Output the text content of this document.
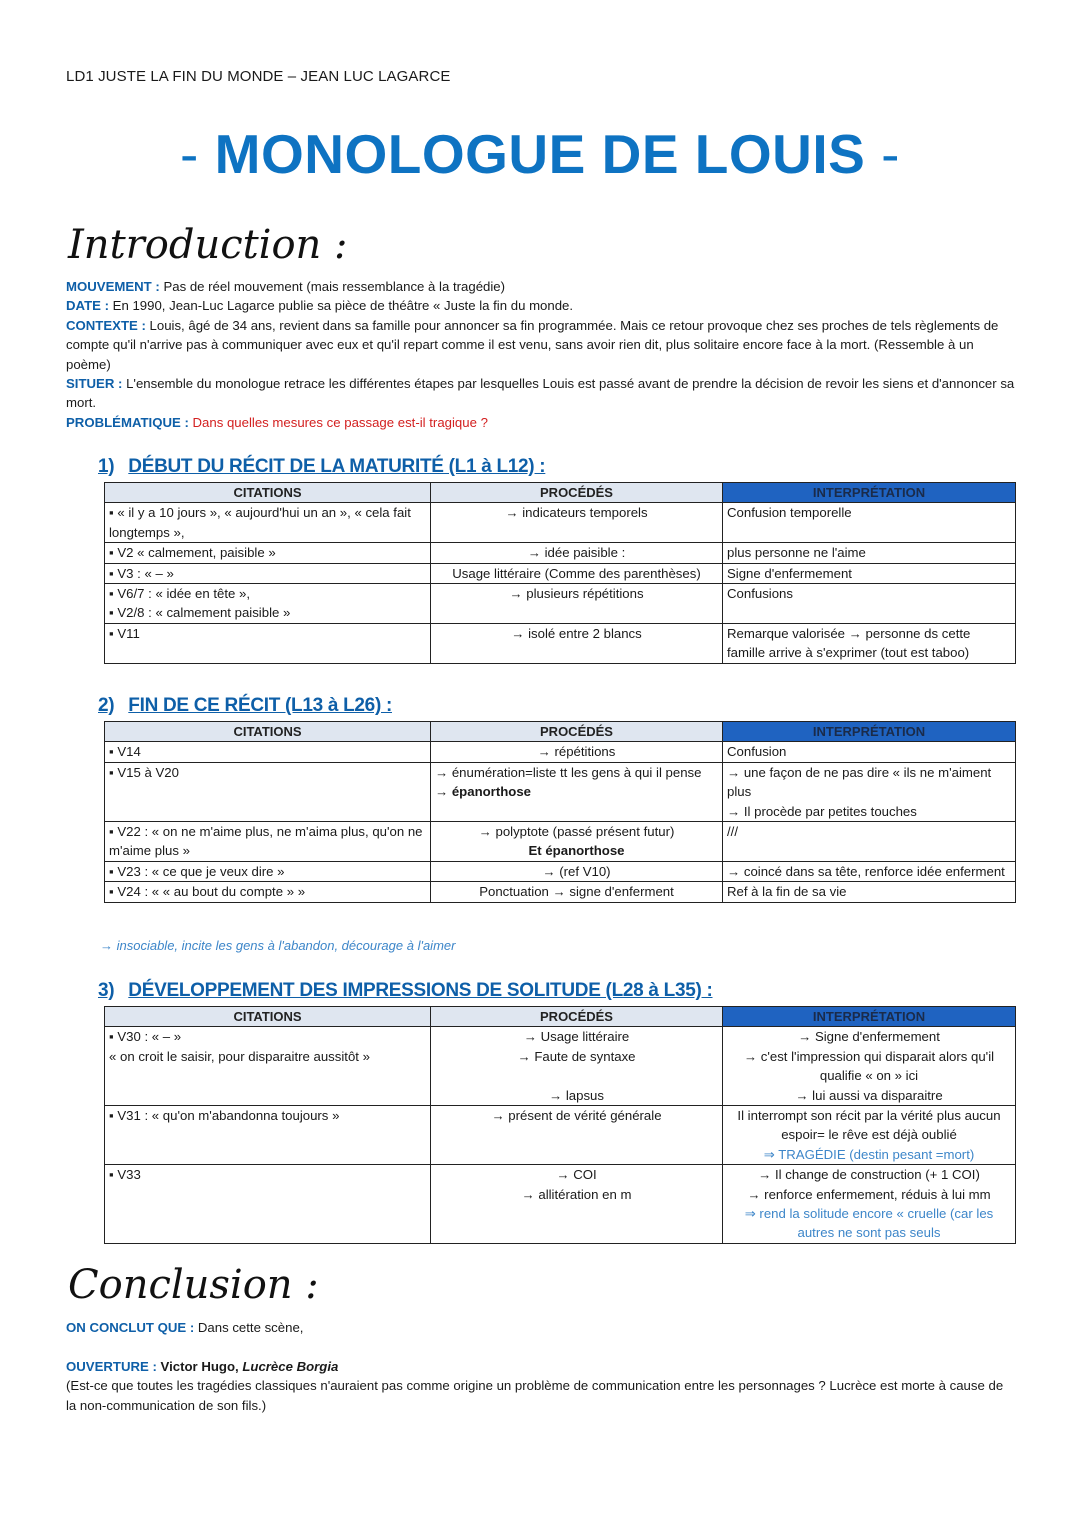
LD1 JUSTE LA FIN DU MONDE – JEAN LUC LAGARCE
- MONOLOGUE DE LOUIS -
Introduction :

MOUVEMENT : Pas de réel mouvement (mais ressemblance à la tragédie)

DATE : En 1990, Jean-Luc Lagarce publie sa pièce de théâtre « Juste la fin du monde.

CONTEXTE : Louis, âgé de 34 ans, revient dans sa famille pour annoncer sa fin programmée. Mais ce retour provoque chez ses proches de tels règlements de compte qu'il n'arrive pas à communiquer avec eux et qu'il repart comme il est venu, sans avoir rien dit, plus solitaire encore face à la mort. (Ressemble à un poème)

SITUER : L'ensemble du monologue retrace les différentes étapes par lesquelles Louis est passé avant de prendre la décision de revoir les siens et d'annoncer sa mort.

PROBLÉMATIQUE : Dans quelles mesures ce passage est-il tragique ?

1) DÉBUT DU RÉCIT DE LA MATURITÉ (L1 à L12) :
CITATIONS	PROCÉDÉS	INTERPRÉTATION
▪ « il y a 10 jours », « aujourd'hui un an », « cela fait longtemps »,	→ indicateurs temporels	Confusion temporelle
▪ V2 « calmement, paisible »	→ idée paisible :	plus personne ne l'aime
▪ V3 : « – »	Usage littéraire (Comme des parenthèses)	Signe d'enfermement

▪ V6/7 : « idée en tête »,
▪ V2/8 : « calmement paisible »	→ plusieurs répétitions	Confusions
▪ V11	→ isolé entre 2 blancs	Remarque valorisée → personne ds cette famille arrive à s'exprimer (tout est taboo)
2) FIN DE CE RÉCIT (L13 à L26) :
CITATIONS	PROCÉDÉS	INTERPRÉTATION
▪ V14	→ répétitions	Confusion
▪ V15 à V20	→ énumération=liste tt les gens à qui il pense
→ épanorthose	→ une façon de ne pas dire « ils ne m'aiment plus
→ Il procède par petites touches

▪ V22 : « on ne m'aime plus, ne m'aima plus, qu'on ne m'aime plus »	→ polyptote (passé présent futur)
Et épanorthose	///
▪ V23 : « ce que je veux dire »	→ (ref V10)	→ coincé dans sa tête, renforce idée enferment
▪ V24 : « « au bout du compte » »	Ponctuation → signe d'enferment	Ref à la fin de sa vie
→ insociable, incite les gens à l'abandon, décourage à l'aimer
3) DÉVELOPPEMENT DES IMPRESSIONS DE SOLITUDE (L28 à L35) :
CITATIONS	PROCÉDÉS	INTERPRÉTATION

▪ V30 : « – »
« on croit le saisir, pour disparaitre aussitôt »	→ Usage littéraire
→ Faute de syntaxe
→ lapsus	→ Signe d'enfermement
→ c'est l'impression qui disparait alors qu'il qualifie « on » ici
→ lui aussi va disparaitre

▪ V31 : « qu'on m'abandonna toujours »	→ présent de vérité générale	Il interrompt son récit par la vérité plus aucun espoir= le rêve est déjà oublié
⇒ TRAGÉDIE (destin pesant =mort)

▪ V33	→ COI
→ allitération en m	→ Il change de construction (+ 1 COI)
→ renforce enfermement, réduis à lui mm
⇒ rend la solitude encore « cruelle (car les autres ne sont pas seuls
Conclusion :

ON CONCLUT QUE : Dans cette scène,

OUVERTURE : Victor Hugo, Lucrèce Borgia

(Est-ce que toutes les tragédies classiques n'auraient pas comme origine un problème de communication entre les personnages ? Lucrèce est morte à cause de la non-communication de son fils.)
